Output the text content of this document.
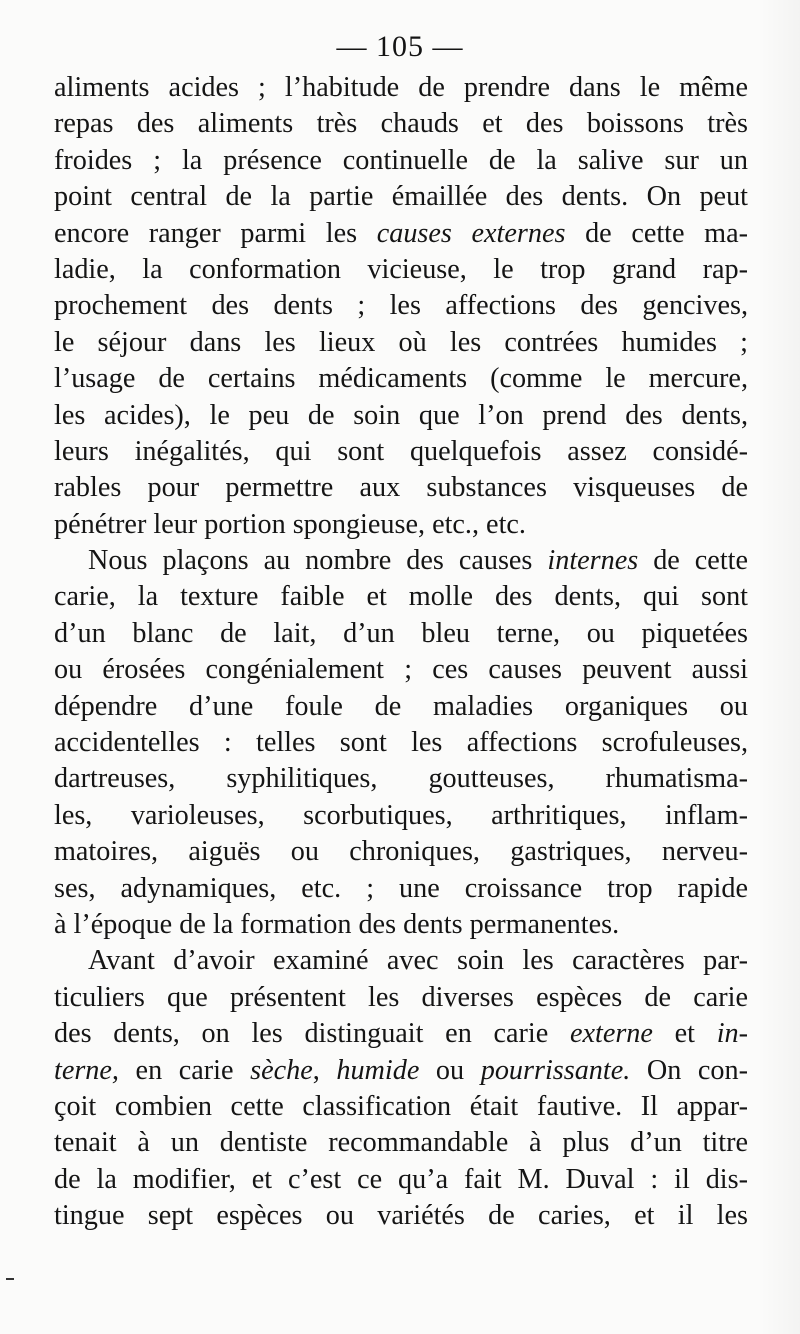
— 105 —
aliments acides ; l’habitude de prendre dans le même
repas des aliments très chauds et des boissons très
froides ; la présence continuelle de la salive sur un
point central de la partie émaillée des dents. On peut
encore ranger parmi les causes externes de cette ma-
ladie, la conformation vicieuse, le trop grand rap-
prochement des dents ; les affections des gencives,
le séjour dans les lieux où les contrées humides ;
l’usage de certains médicaments (comme le mercure,
les acides), le peu de soin que l’on prend des dents,
leurs inégalités, qui sont quelquefois assez considé-
rables pour permettre aux substances visqueuses de
pénétrer leur portion spongieuse, etc., etc.
Nous plaçons au nombre des causes internes de cette
carie, la texture faible et molle des dents, qui sont
d’un blanc de lait, d’un bleu terne, ou piquetées
ou érosées congénialement ; ces causes peuvent aussi
dépendre d’une foule de maladies organiques ou
accidentelles : telles sont les affections scrofuleuses,
dartreuses, syphilitiques, goutteuses, rhumatisma-
les, varioleuses, scorbutiques, arthritiques, inflam-
matoires, aiguës ou chroniques, gastriques, nerveu-
ses, adynamiques, etc. ; une croissance trop rapide
à l’époque de la formation des dents permanentes.
Avant d’avoir examiné avec soin les caractères par-
ticuliers que présentent les diverses espèces de carie
des dents, on les distinguait en carie externe et in-
terne, en carie sèche, humide ou pourrissante. On con-
çoit combien cette classification était fautive. Il appar-
tenait à un dentiste recommandable à plus d’un titre
de la modifier, et c’est ce qu’a fait M. Duval : il dis-
tingue sept espèces ou variétés de caries, et il les
